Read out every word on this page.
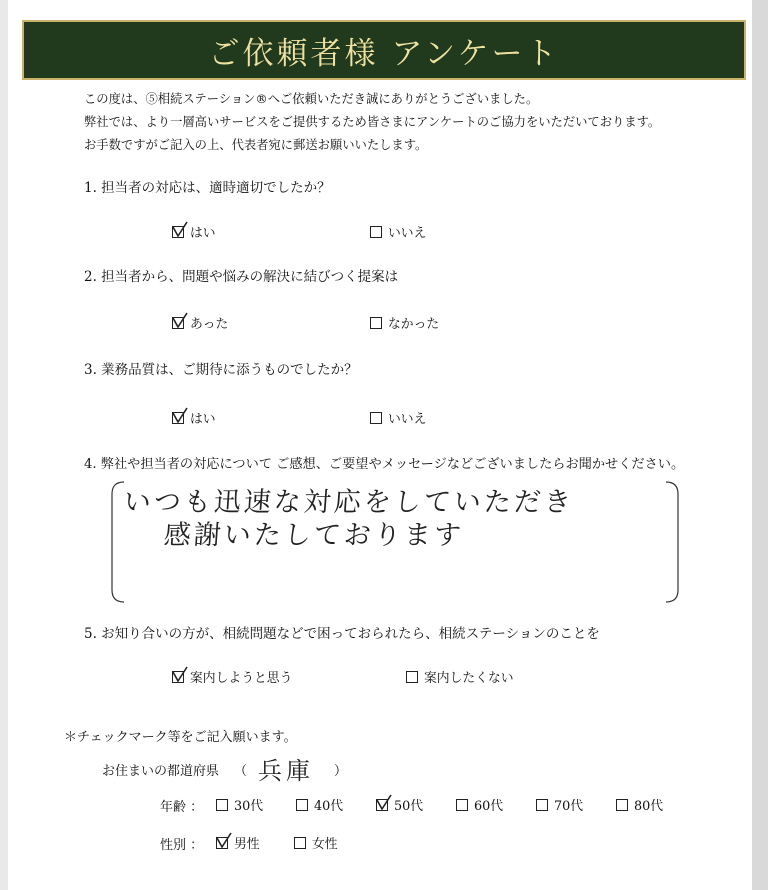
ご依頼者様 アンケート
この度は、⑤相続ステーション®へご依頼いただき誠にありがとうございました。
弊社では、より一層高いサービスをご提供するため皆さまにアンケートのご協力をいただいております。
お手数ですがご記入の上、代表者宛に郵送お願いいたします。
1. 担当者の対応は、適時適切でしたか？
はい	いいえ
2. 担当者から、問題や悩みの解決に結びつく提案は
あった	なかった
3. 業務品質は、ご期待に添うものでしたか？
はい	いいえ
4. 弊社や担当者の対応について ご感想、ご要望やメッセージなどございましたらお聞かせください。
いつも迅速な対応をしていただき
感謝いたしております
5. お知り合いの方が、相続問題などで困っておられたら、相続ステーションのことを
案内しようと思う	案内したくない
＊チェックマーク等をご記入願います。
お住まいの都道府県 （ 兵庫 ）
年齢 ： 30代	40代	50代	60代	70代	80代
性別 ： 男性	女性
